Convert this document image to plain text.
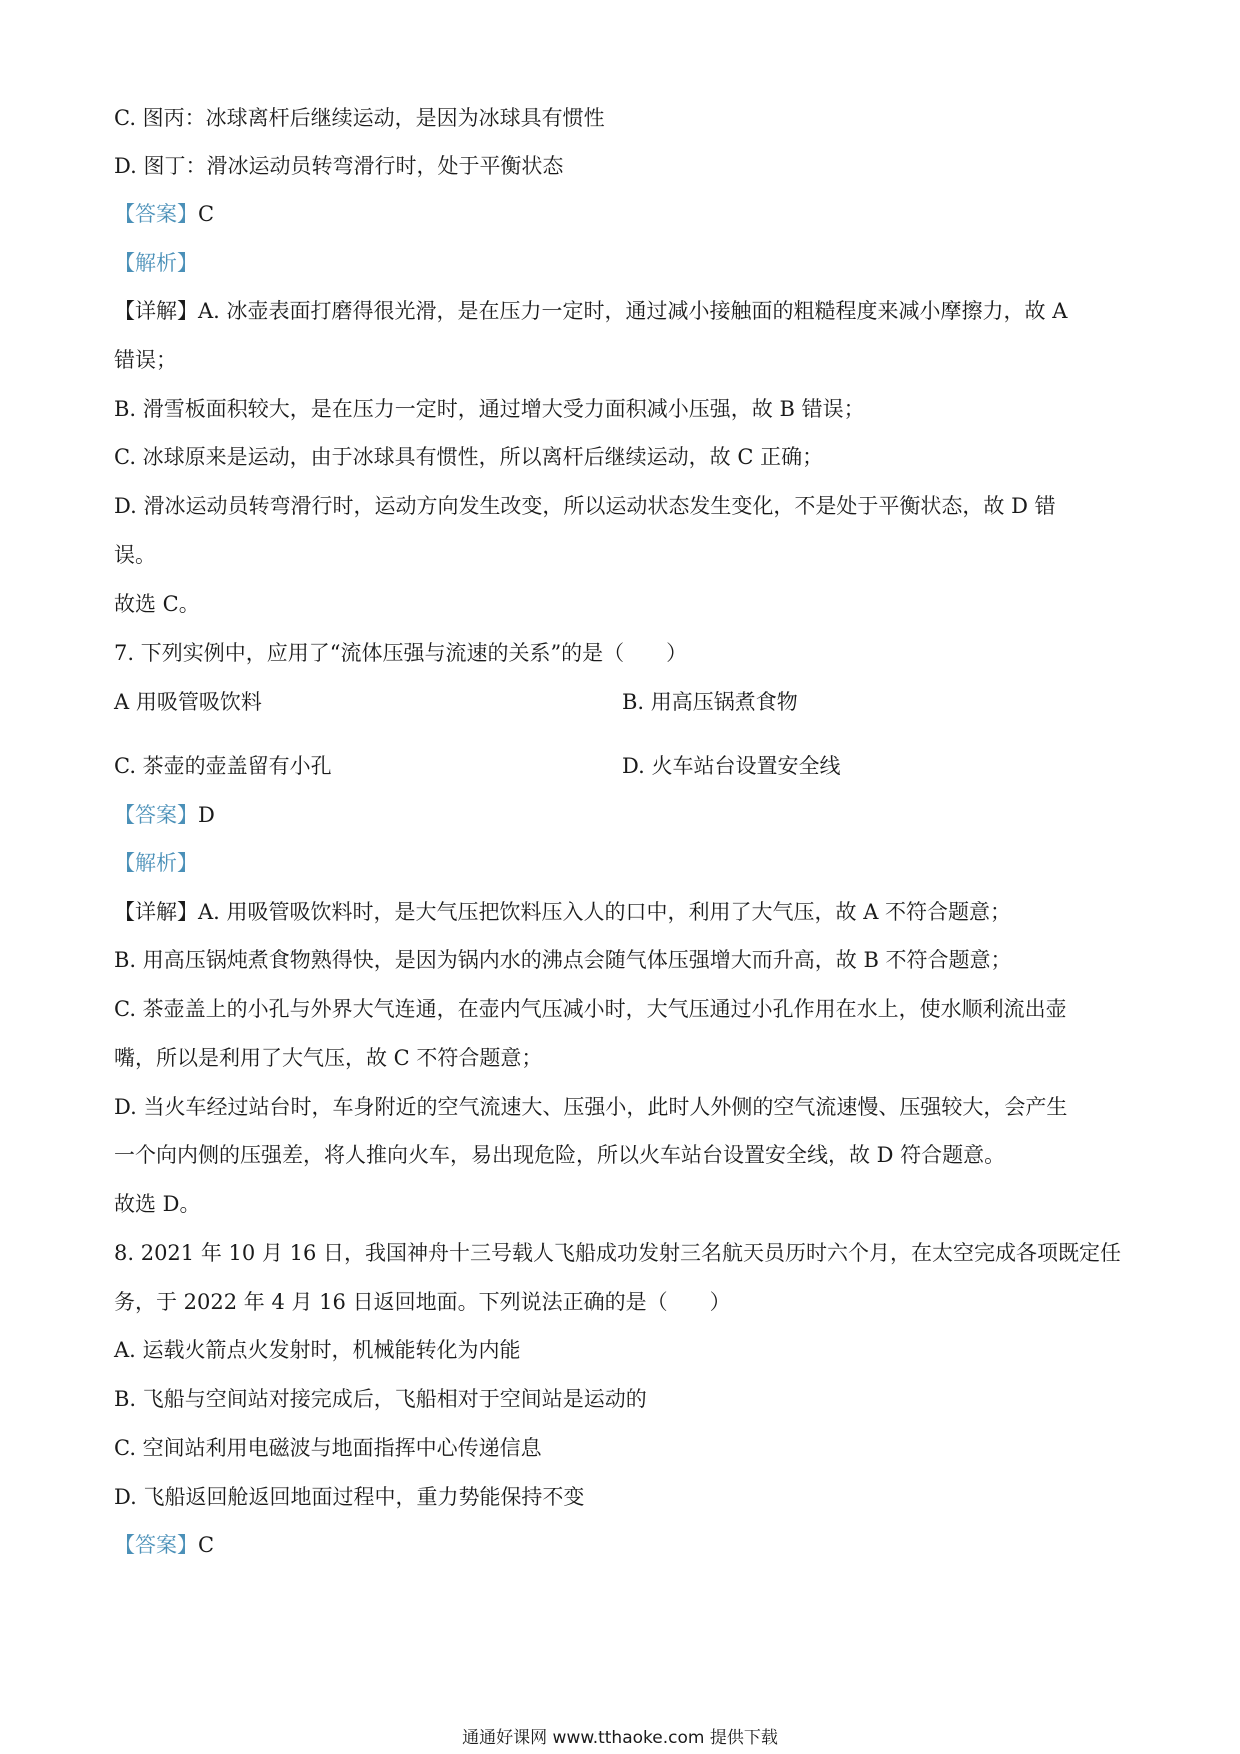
C. 图丙：冰球离杆后继续运动，是因为冰球具有惯性
D. 图丁：滑冰运动员转弯滑行时，处于平衡状态
【答案】C
【解析】
【详解】A. 冰壶表面打磨得很光滑，是在压力一定时，通过减小接触面的粗糙程度来减小摩擦力，故 A
错误；
B. 滑雪板面积较大，是在压力一定时，通过增大受力面积减小压强，故 B 错误；
C. 冰球原来是运动，由于冰球具有惯性，所以离杆后继续运动，故 C 正确；
D. 滑冰运动员转弯滑行时，运动方向发生改变，所以运动状态发生变化，不是处于平衡状态，故 D 错
误。
故选 C。
7. 下列实例中，应用了“流体压强与流速的关系”的是（　　）
A 用吸管吸饮料	B. 用高压锅煮食物
C. 茶壶的壶盖留有小孔	D. 火车站台设置安全线
【答案】D
【解析】
【详解】A. 用吸管吸饮料时，是大气压把饮料压入人的口中，利用了大气压，故 A 不符合题意；
B. 用高压锅炖煮食物熟得快，是因为锅内水的沸点会随气体压强增大而升高，故 B 不符合题意；
C. 茶壶盖上的小孔与外界大气连通，在壶内气压减小时，大气压通过小孔作用在水上，使水顺利流出壶
嘴，所以是利用了大气压，故 C 不符合题意；
D. 当火车经过站台时，车身附近的空气流速大、压强小，此时人外侧的空气流速慢、压强较大，会产生
一个向内侧的压强差，将人推向火车，易出现危险，所以火车站台设置安全线，故 D 符合题意。
故选 D。
8. 2021 年 10 月 16 日，我国神舟十三号载人飞船成功发射三名航天员历时六个月，在太空完成各项既定任
务，于 2022 年 4 月 16 日返回地面。下列说法正确的是（　　）
A. 运载火箭点火发射时，机械能转化为内能
B. 飞船与空间站对接完成后，飞船相对于空间站是运动的
C. 空间站利用电磁波与地面指挥中心传递信息
D. 飞船返回舱返回地面过程中，重力势能保持不变
【答案】C
通通好课网 www.tthaoke.com 提供下载
